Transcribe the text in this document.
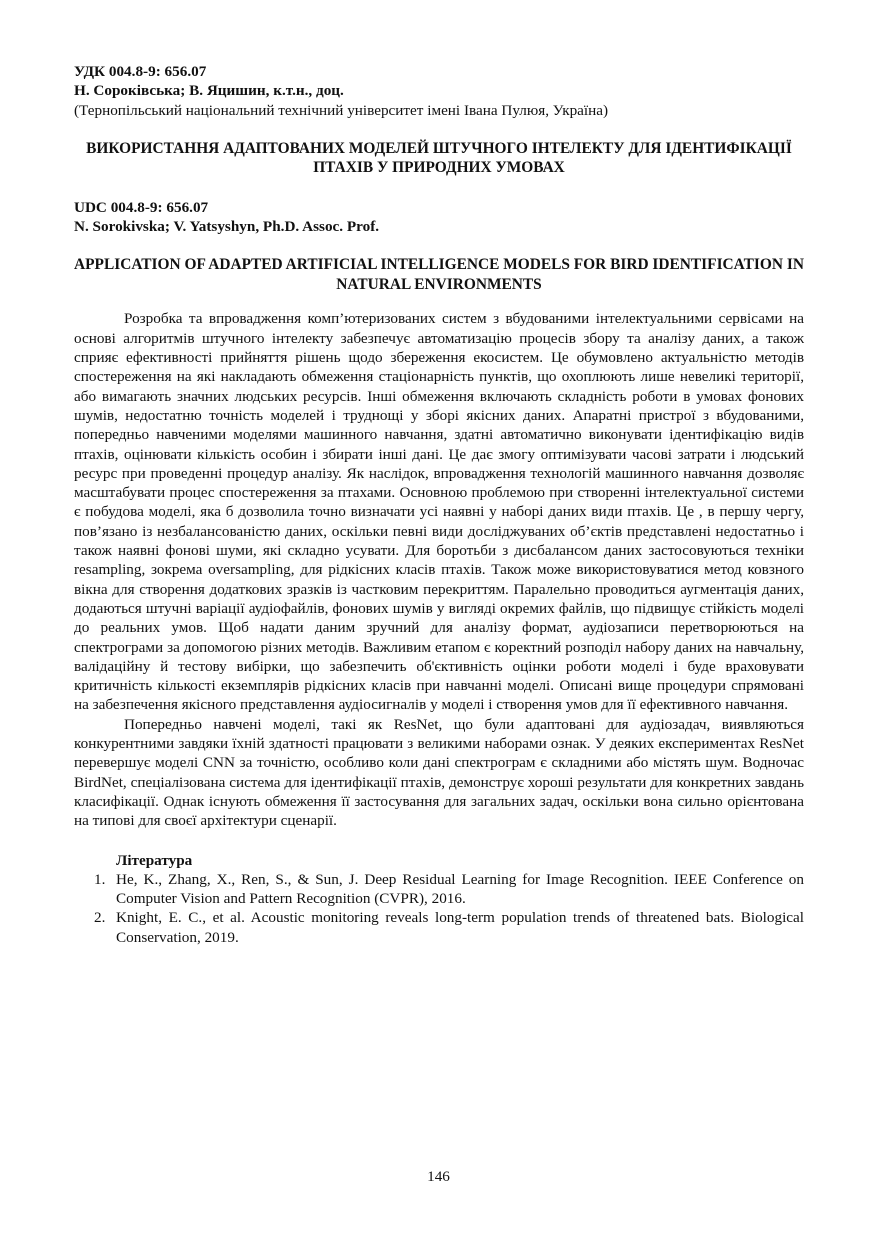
УДК 004.8-9: 656.07

Н. Сороківська; В. Яцишин, к.т.н., доц.

(Тернопільський національний технічний університет імені Івана Пулюя, Україна)

ВИКОРИСТАННЯ АДАПТОВАНИХ МОДЕЛЕЙ ШТУЧНОГО ІНТЕЛЕКТУ ДЛЯ ІДЕНТИФІКАЦІЇ ПТАХІВ У ПРИРОДНИХ УМОВАХ

UDC 004.8-9: 656.07

N. Sorokivska; V. Yatsyshyn, Ph.D. Assoc. Prof.

APPLICATION OF ADAPTED ARTIFICIAL INTELLIGENCE MODELS FOR BIRD IDENTIFICATION IN NATURAL ENVIRONMENTS

Розробка та впровадження комп’ютеризованих систем з вбудованими інтелектуальними сервісами на основі алгоритмів штучного інтелекту забезпечує автоматизацію процесів збору та аналізу даних, а також сприяє ефективності прийняття рішень щодо збереження екосистем. Це обумовлено актуальністю методів спостереження на які накладають обмеження стаціонарність пунктів, що охоплюють лише невеликі території, або вимагають значних людських ресурсів. Інші обмеження включають складність роботи в умовах фонових шумів, недостатню точність моделей і труднощі у зборі якісних даних. Апаратні пристрої з вбудованими, попередньо навченими моделями машинного навчання, здатні автоматично виконувати ідентифікацію видів птахів, оцінювати кількість особин і збирати інші дані. Це дає змогу оптимізувати часові затрати і людський ресурс при проведенні процедур аналізу. Як наслідок, впровадження технологій машинного навчання дозволяє масштабувати процес спостереження за птахами. Основною проблемою при створенні інтелектуальної системи є побудова моделі, яка б дозволила точно визначати усі наявні у наборі даних види птахів. Це , в першу чергу, пов’язано із незбалансованістю даних, оскільки певні види досліджуваних об’єктів представлені недостатньо і також наявні фонові шуми, які складно усувати. Для боротьби з дисбалансом даних застосовуються техніки resampling, зокрема oversampling, для рідкісних класів птахів. Також може використовуватися метод ковзного вікна для створення додаткових зразків із частковим перекриттям. Паралельно проводиться аугментація даних, додаються штучні варіації аудіофайлів, фонових шумів у вигляді окремих файлів, що підвищує стійкість моделі до реальних умов. Щоб надати даним зручний для аналізу формат, аудіозаписи перетворюються на спектрограми за допомогою різних методів. Важливим етапом є коректний розподіл набору даних на навчальну, валідаційну й тестову вибірки, що забезпечить об'єктивність оцінки роботи моделі і буде враховувати критичність кількості екземплярів рідкісних класів при навчанні моделі. Описані вище процедури спрямовані на забезпечення якісного представлення аудіосигналів у моделі і створення умов для її ефективного навчання.

Попередньо навчені моделі, такі як ResNet, що були адаптовані для аудіозадач, виявляються конкурентними завдяки їхній здатності працювати з великими наборами ознак. У деяких експериментах ResNet перевершує моделі CNN за точністю, особливо коли дані спектрограм є складними або містять шум. Водночас BirdNet, спеціалізована система для ідентифікації птахів, демонструє хороші результати для конкретних завдань класифікації. Однак існують обмеження її застосування для загальних задач, оскільки вона сильно орієнтована на типові для своєї архітектури сценарії.

Література

1. He, K., Zhang, X., Ren, S., & Sun, J. Deep Residual Learning for Image Recognition. IEEE Conference on Computer Vision and Pattern Recognition (CVPR), 2016.
2. Knight, E. C., et al. Acoustic monitoring reveals long-term population trends of threatened bats. Biological Conservation, 2019.
146
